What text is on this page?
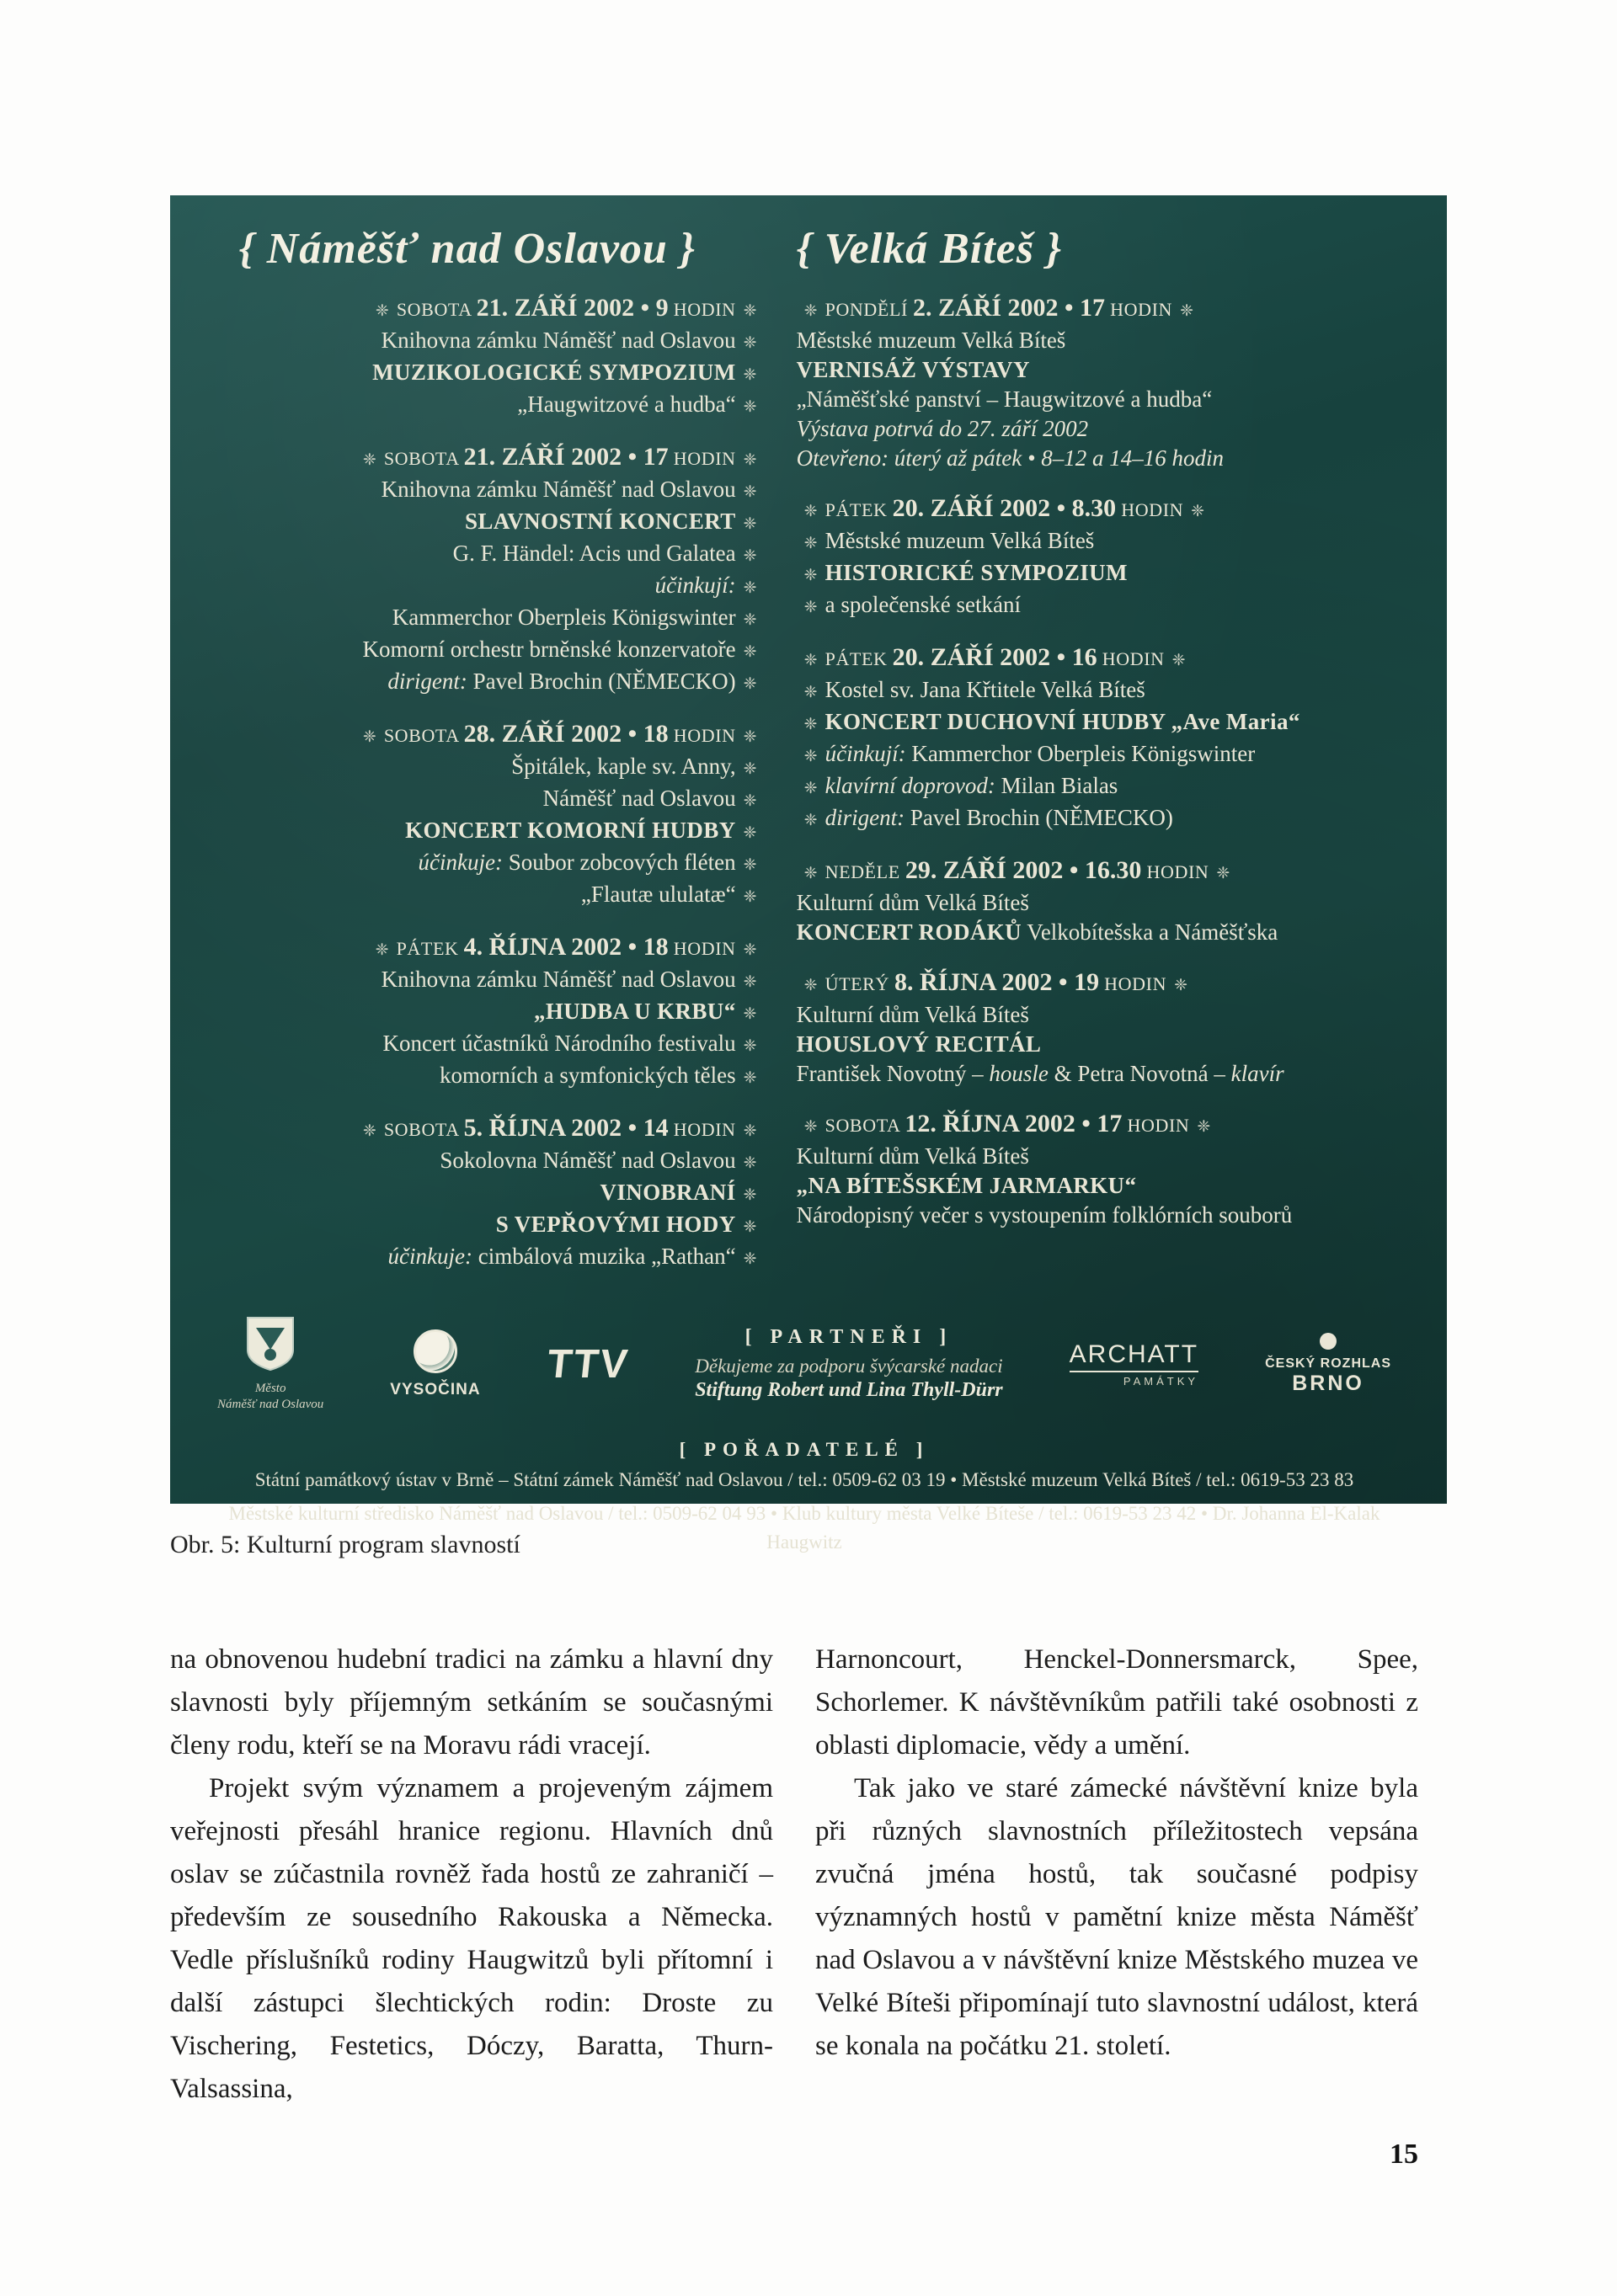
{ Náměšť nad Oslavou }
❈ SOBOTA 21. ZÁŘÍ 2002 • 9 HODIN ❈
Knihovna zámku Náměšť nad Oslavou ❈
MUZIKOLOGICKÉ SYMPOZIUM ❈
„Haugwitzové a hudba“ ❈
❈ SOBOTA 21. ZÁŘÍ 2002 • 17 HODIN ❈
Knihovna zámku Náměšť nad Oslavou ❈
SLAVNOSTNÍ KONCERT ❈
G. F. Händel: Acis und Galatea ❈
účinkují: ❈
Kammerchor Oberpleis Königswinter ❈
Komorní orchestr brněnské konzervatoře ❈
dirigent: Pavel Brochin (NĚMECKO) ❈
❈ SOBOTA 28. ZÁŘÍ 2002 • 18 HODIN ❈
Špitálek, kaple sv. Anny, ❈
Náměšť nad Oslavou ❈
KONCERT KOMORNÍ HUDBY ❈
účinkuje: Soubor zobcových fléten ❈
„Flautæ ululatæ“ ❈
❈ PÁTEK 4. ŘÍJNA 2002 • 18 HODIN ❈
Knihovna zámku Náměšť nad Oslavou ❈
„HUDBA U KRBU“ ❈
Koncert účastníků Národního festivalu ❈
komorních a symfonických těles ❈
❈ SOBOTA 5. ŘÍJNA 2002 • 14 HODIN ❈
Sokolovna Náměšť nad Oslavou ❈
VINOBRANÍ ❈
S VEPŘOVÝMI HODY ❈
účinkuje: cimbálová muzika „Rathan“ ❈
{ Velká Bíteš }
❈ PONDĚLÍ 2. ZÁŘÍ 2002 • 17 HODIN ❈
Městské muzeum Velká Bíteš
VERNISÁŽ VÝSTAVY
„Náměšťské panství – Haugwitzové a hudba“
Výstava potrvá do 27. září 2002
Otevřeno: úterý až pátek • 8–12 a 14–16 hodin
❈ PÁTEK 20. ZÁŘÍ 2002 • 8.30 HODIN ❈
❈ Městské muzeum Velká Bíteš
❈ HISTORICKÉ SYMPOZIUM
❈ a společenské setkání
❈ PÁTEK 20. ZÁŘÍ 2002 • 16 HODIN ❈
❈ Kostel sv. Jana Křtitele Velká Bíteš
❈ KONCERT DUCHOVNÍ HUDBY „Ave Maria“
❈ účinkují: Kammerchor Oberpleis Königswinter
❈ klavírní doprovod: Milan Bialas
❈ dirigent: Pavel Brochin (NĚMECKO)
❈ NEDĚLE 29. ZÁŘÍ 2002 • 16.30 HODIN ❈
Kulturní dům Velká Bíteš
KONCERT RODÁKŮ Velkobítešska a Náměšťska
❈ ÚTERÝ 8. ŘÍJNA 2002 • 19 HODIN ❈
Kulturní dům Velká Bíteš
HOUSLOVÝ RECITÁL
František Novotný – housle & Petra Novotná – klavír
❈ SOBOTA 12. ŘÍJNA 2002 • 17 HODIN ❈
Kulturní dům Velká Bíteš
„NA BÍTEŠSKÉM JARMARKU“
Národopisný večer s vystoupením folklórních souborů
Město
Náměšť nad Oslavou
VYSOČINA
TTV
[ PARTNEŘI ]
Děkujeme za podporu švýcarské nadaci
Stiftung Robert und Lina Thyll-Dürr
ARCHATT
PAMÁTKY
ČESKÝ ROZHLAS
BRNO
[ POŘADATELÉ ]
Státní památkový ústav v Brně – Státní zámek Náměšť nad Oslavou / tel.: 0509-62 03 19 • Městské muzeum Velká Bíteš / tel.: 0619-53 23 83
Městské kulturní středisko Náměšť nad Oslavou / tel.: 0509-62 04 93 • Klub kultury města Velké Bíteše / tel.: 0619-53 23 42 • Dr. Johanna El-Kalak Haugwitz
Obr. 5: Kulturní program slavností

na obnovenou hudební tradici na zámku a hlavní dny slavnosti byly příjemným setkáním se současnými členy rodu, kteří se na Moravu rádi vracejí.

Projekt svým významem a projeveným zájmem veřejnosti přesáhl hranice regionu. Hlavních dnů oslav se zúčastnila rovněž řada hostů ze zahraničí – především ze sousedního Rakouska a Německa. Vedle příslušníků rodiny Haugwitzů byli přítomní i další zástupci šlechtických rodin: Droste zu Vischering, Festetics, Dóczy, Baratta, Thurn-Valsassina,

Harnoncourt, Henckel-Donnersmarck, Spee, Schorlemer. K návštěvníkům patřili také osobnosti z oblasti diplomacie, vědy a umění.

Tak jako ve staré zámecké návštěvní knize byla při různých slavnostních příležitostech vepsána zvučná jména hostů, tak současné podpisy významných hostů v pamětní knize města Náměšť nad Oslavou a v návštěvní knize Městského muzea ve Velké Bíteši připomínají tuto slavnostní událost, která se konala na počátku 21. století.

15
